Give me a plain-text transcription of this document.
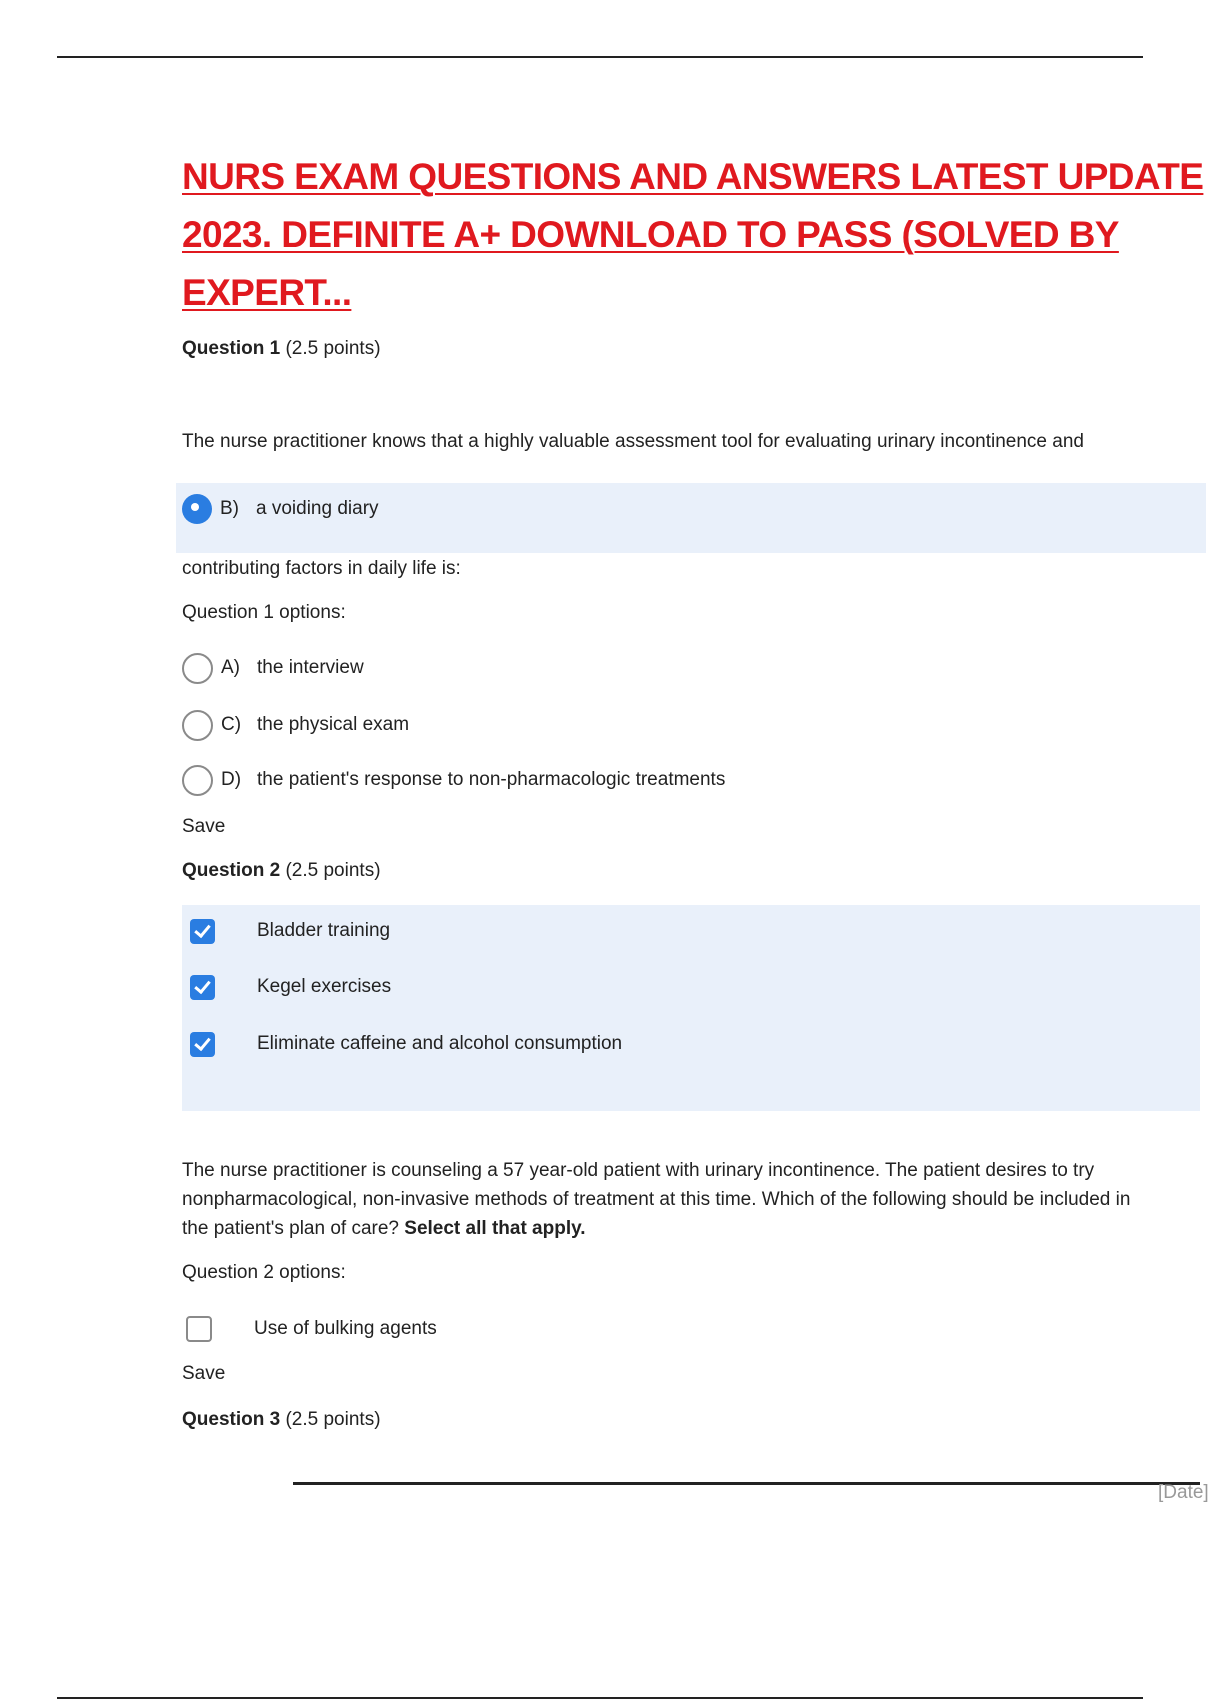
NURS EXAM QUESTIONS AND ANSWERS LATEST UPDATE
2023. DEFINITE A+ DOWNLOAD TO PASS (SOLVED BY
EXPERT...
Question 1 (2.5 points)
The nurse practitioner knows that a highly valuable assessment tool for evaluating urinary incontinence and
B) a voiding diary
contributing factors in daily life is:
Question 1 options:
A) the interview
C) the physical exam
D) the patient's response to non-pharmacologic treatments
Save
Question 2 (2.5 points)
Bladder training
Kegel exercises
Eliminate caffeine and alcohol consumption
The nurse practitioner is counseling a 57 year-old patient with urinary incontinence. The patient desires to try
nonpharmacological, non-invasive methods of treatment at this time. Which of the following should be included in
the patient's plan of care? Select all that apply.
Question 2 options:
Use of bulking agents
Save
Question 3 (2.5 points)
[Date]
